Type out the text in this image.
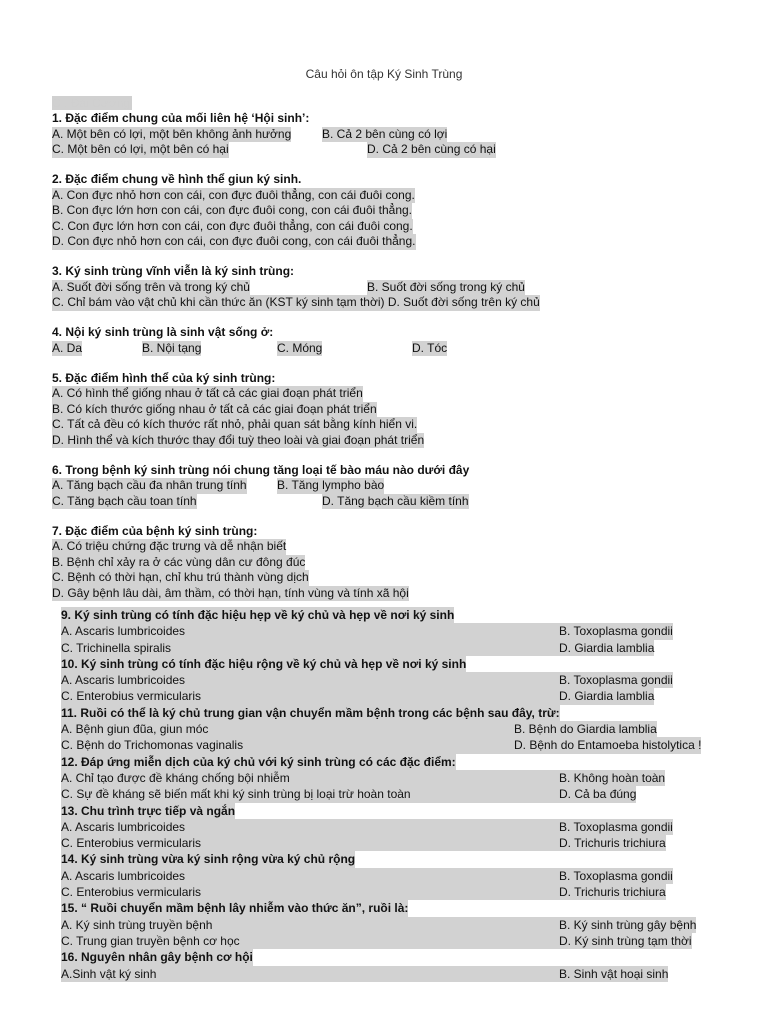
Câu hỏi ôn tập Ký Sinh Trùng
CI. Đại Cương
1. Đặc điểm chung của mối liên hệ ‘Hội sinh’:
A. Một bên có lợi, một bên không ảnh hưởng	B. Cả 2 bên cùng có lợi
C. Một bên có lợi, một bên có hại	D. Cả 2 bên cùng có hại
2. Đặc điểm chung về hình thể giun ký sinh.
A. Con đực nhỏ hơn con cái, con đực đuôi thẳng, con cái đuôi cong.
B. Con đực lớn hơn con cái, con đực đuôi cong, con cái đuôi thẳng.
C. Con đực lớn hơn con cái, con đực đuôi thẳng, con cái đuôi cong.
D. Con đực nhỏ hơn con cái, con đực đuôi cong, con cái đuôi thẳng.
3. Ký sinh trùng vĩnh viễn là ký sinh trùng:
A. Suốt đời sống trên và trong ký chủ	B. Suốt đời sống trong ký chủ
C. Chỉ bám vào vật chủ khi cần thức ăn (KST ký sinh tạm thời) D. Suốt đời sống trên ký chủ
4. Nội ký sinh trùng là sinh vật sống ở:
A. Da	B. Nội tạng	C. Móng	D. Tóc
5. Đặc điểm hình thể của ký sinh trùng:
A. Có hình thể giống nhau ở tất cả các giai đoạn phát triển
B. Có kích thước giống nhau ở tất cả các giai đoạn phát triển
C. Tất cả đều có kích thước rất nhỏ, phải quan sát bằng kính hiển vi.
D. Hình thể và kích thước thay đổi tuỳ theo loài và giai đoạn phát triển
6. Trong bệnh ký sinh trùng nói chung tăng loại tế bào máu nào dưới đây
A. Tăng bạch cầu đa nhân trung tính	B. Tăng lympho bào
C. Tăng bạch cầu toan tính	D. Tăng bạch cầu kiềm tính
7. Đặc điểm của bệnh ký sinh trùng:
A. Có triệu chứng đặc trưng và dễ nhận biết
B. Bệnh chỉ xảy ra ở các vùng dân cư đông đúc
C. Bệnh có thời hạn, chỉ khu trú thành vùng dịch
D. Gây bệnh lâu dài, âm thầm, có thời hạn, tính vùng và tính xã hội
9. Ký sinh trùng có tính đặc hiệu hẹp về ký chủ và hẹp về nơi ký sinh
A. Ascaris lumbricoides	B. Toxoplasma gondii
C. Trichinella spiralis	D. Giardia lamblia
10. Ký sinh trùng có tính đặc hiệu rộng về ký chủ và hẹp về nơi ký sinh
A. Ascaris lumbricoides	B. Toxoplasma gondii
C. Enterobius vermicularis	D. Giardia lamblia
11. Ruồi có thể là ký chủ trung gian vận chuyển mầm bệnh trong các bệnh sau đây, trừ:
A. Bệnh giun đũa, giun móc	B. Bệnh do Giardia lamblia
C. Bệnh do Trichomonas vaginalis	D. Bệnh do Entamoeba histolytica !
12. Đáp ứng miễn dịch của ký chủ với ký sinh trùng có các đặc điểm:
A. Chỉ tạo được đề kháng chống bội nhiễm	B. Không hoàn toàn
C. Sự đề kháng sẽ biến mất khi ký sinh trùng bị loại trừ hoàn toàn	D. Cả ba đúng
13. Chu trình trực tiếp và ngắn
A. Ascaris lumbricoides	B. Toxoplasma gondii
C. Enterobius vermicularis	D. Trichuris trichiura
14. Ký sinh trùng vừa ký sinh rộng vừa ký chủ rộng
A. Ascaris lumbricoides	B. Toxoplasma gondii
C. Enterobius vermicularis	D. Trichuris trichiura
15. “ Ruồi chuyển mầm bệnh lây nhiễm vào thức ăn”, ruồi là:
A. Ký sinh trùng truyền bệnh	B. Ký sinh trùng gây bệnh
C. Trung gian truyền bệnh cơ học	D. Ký sinh trùng tạm thời
16. Nguyên nhân gây bệnh cơ hội
A.Sinh vật ký sinh	B. Sinh vật hoại sinh
